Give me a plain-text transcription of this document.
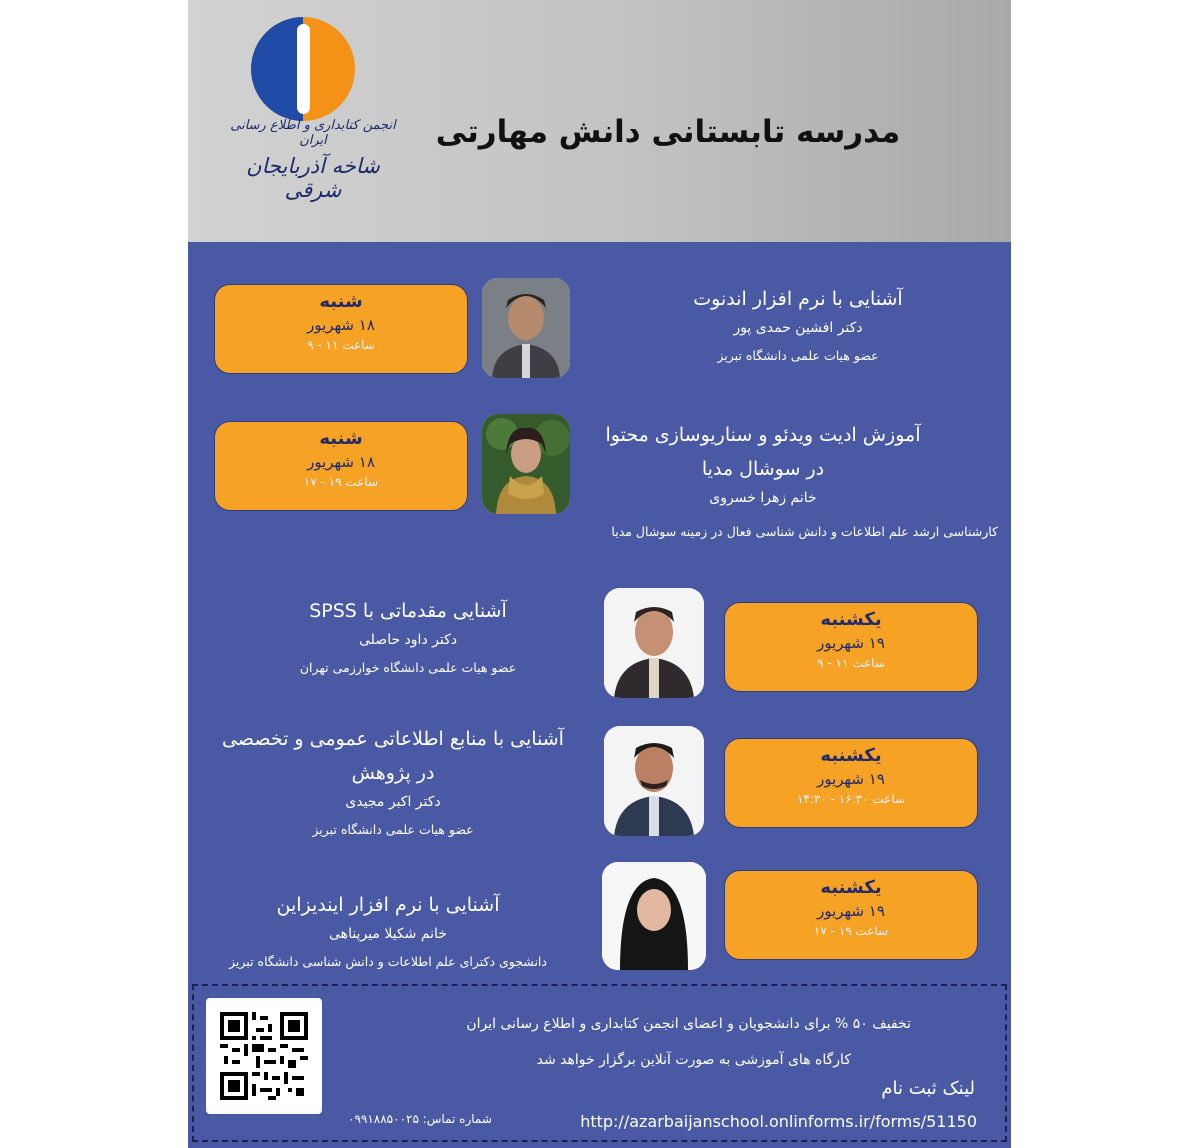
انجمن کتابداری و اطلاع رسانی ایران
شاخه آذربایجان شرقی
مدرسه تابستانی دانش مهارتی
شنبه
۱۸ شهریور
ساعت ۱۱ - ۹
آشنایی با نرم افزار اندنوت
دکتر افشین حمدی پور
عضو هیات علمی دانشگاه تبریز
شنبه
۱۸ شهریور
ساعت ۱۹ - ۱۷
آموزش ادیت ویدئو و سناریوسازی محتوا
در سوشال مدیا
خانم زهرا خسروی
کارشناسی ارشد علم اطلاعات و دانش شناسی فعال در زمینه سوشال مدیا
یکشنبه
۱۹ شهریور
ساعت ۱۱ - ۹
آشنایی مقدماتی با SPSS
دکتر داود حاصلی
عضو هیات علمی دانشگاه خوارزمی تهران
یکشنبه
۱۹ شهریور
ساعت ۱۶:۳۰ - ۱۴:۳۰
آشنایی با منابع اطلاعاتی عمومی و تخصصی
در پژوهش
دکتر اکبر مجیدی
عضو هیات علمی دانشگاه تبریز
یکشنبه
۱۹ شهریور
ساعت ۱۹ - ۱۷
آشنایی با نرم افزار ایندیزاین
خانم شکیلا میرپناهی
دانشجوی دکترای علم اطلاعات و دانش شناسی دانشگاه تبریز
تخفیف ۵۰ % برای دانشجویان و اعضای انجمن کتابداری و اطلاع رسانی ایران
کارگاه های آموزشی به صورت آنلاین برگزار خواهد شد
لینک ثبت نام
http://azarbaijanschool.onlinforms.ir/forms/51150
شماره تماس: ۰۹۹۱۸۸۵۰۰۲۵
